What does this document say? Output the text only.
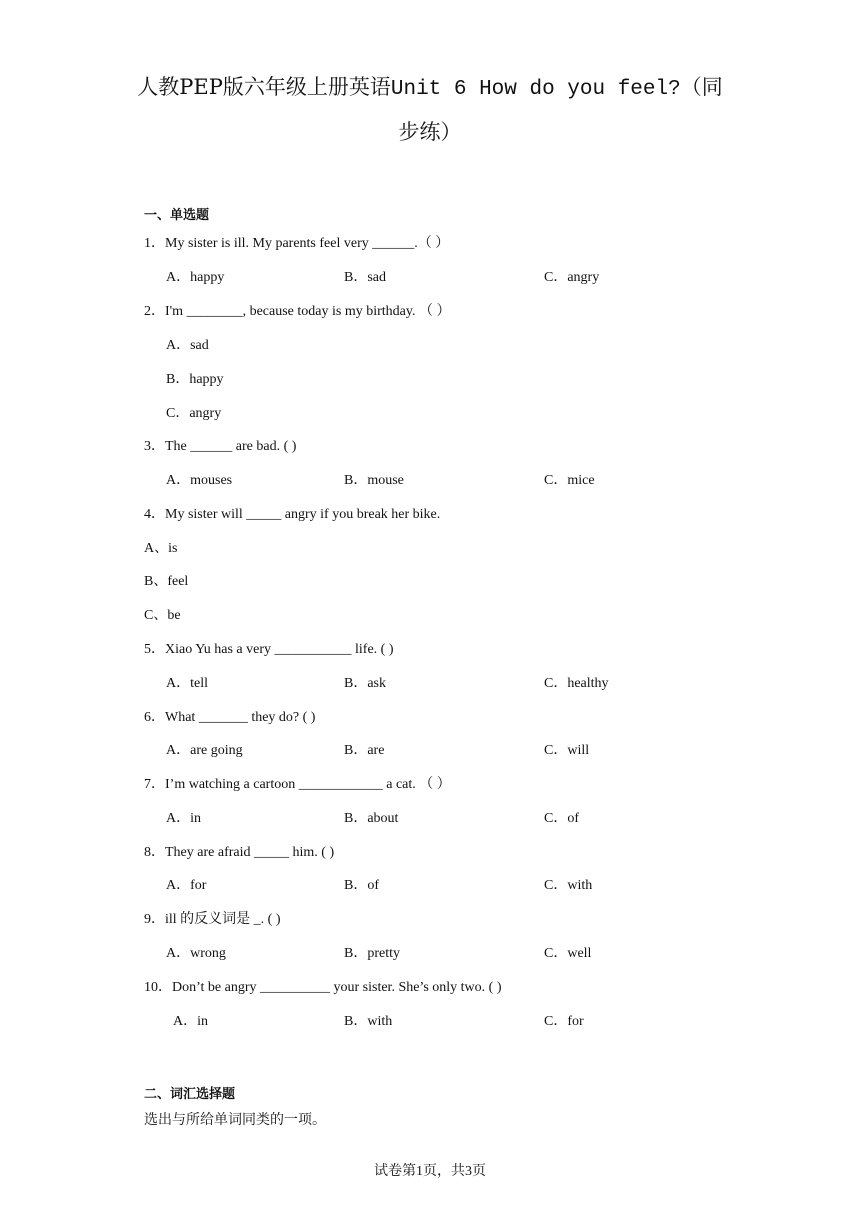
人教PEP版六年级上册英语Unit 6 How do you feel?（同
步练）
一、单选题
1．My sister is ill. My parents feel very ______.（ ）
A．happy	B．sad	C．angry
2．I'm ________, because today is my birthday. （ ）
A．sad
B．happy
C．angry
3．The ______ are bad. ( )
A．mouses	B．mouse	C．mice
4．My sister will _____ angry if you break her bike.
A、is
B、feel
C、be
5．Xiao Yu has a very ___________ life. ( )
A．tell	B．ask	C．healthy
6．What _______ they do? ( )
A．are going	B．are	C．will
7．I’m watching a cartoon ____________ a cat. （ ）
A．in	B．about	C．of
8．They are afraid _____ him. ( )
A．for	B．of	C．with
9．ill 的反义词是 _. ( )
A．wrong	B．pretty	C．well
10．Don’t be angry __________ your sister. She’s only two. ( )
A．in	B．with	C．for
二、词汇选择题
选出与所给单词同类的一项。
试卷第1页，共3页
